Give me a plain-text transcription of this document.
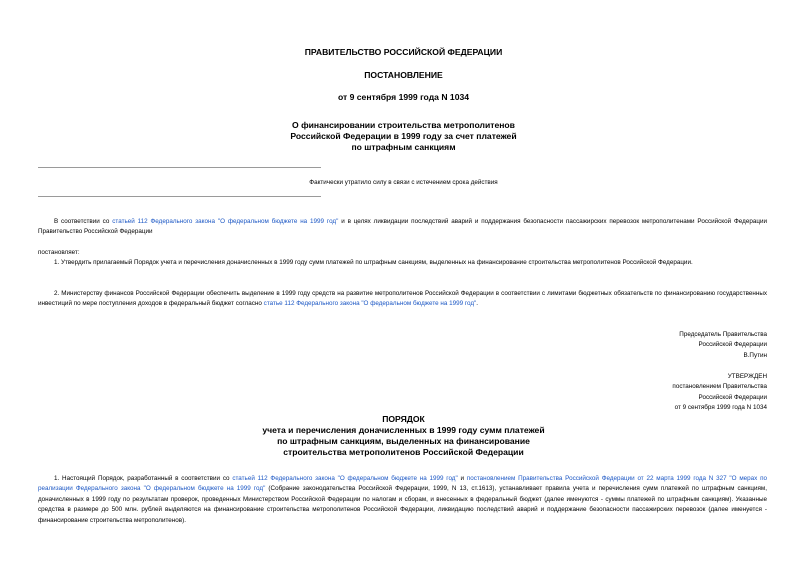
ПРАВИТЕЛЬСТВО РОССИЙСКОЙ ФЕДЕРАЦИИ
ПОСТАНОВЛЕНИЕ
от 9 сентября 1999 года N 1034
О финансировании строительства метрополитенов
Российской Федерации в 1999 году за счет платежей
по штрафным санкциям
Фактически утратило силу в связи с истечением срока действия
В соответствии со статьей 112 Федерального закона "О федеральном бюджете на 1999 год" и в целях ликвидации последствий аварий и поддержания безопасности пассажирских перевозок метрополитенами Российской Федерации Правительство Российской Федерации
постановляет:
1. Утвердить прилагаемый Порядок учета и перечисления доначисленных в 1999 году сумм платежей по штрафным санкциям, выделенных на финансирование строительства метрополитенов Российской Федерации.
2. Министерству финансов Российской Федерации обеспечить выделение в 1999 году средств на развитие метрополитенов Российской Федерации в соответствии с лимитами бюджетных обязательств по финансированию государственных инвестиций по мере поступления доходов в федеральный бюджет согласно статье 112 Федерального закона "О федеральном бюджете на 1999 год".
Председатель Правительства
Российской Федерации
В.Путин
УТВЕРЖДЕН
постановлением Правительства
Российской Федерации
от 9 сентября 1999 года N 1034
ПОРЯДОК
учета и перечисления доначисленных в 1999 году сумм платежей
по штрафным санкциям, выделенных на финансирование
строительства метрополитенов Российской Федерации
1. Настоящий Порядок, разработанный в соответствии со статьей 112 Федерального закона "О федеральном бюджете на 1999 год" и постановлением Правительства Российской Федерации от 22 марта 1999 года N 327 "О мерах по реализации Федерального закона "О федеральном бюджете на 1999 год" (Собрание законодательства Российской Федерации, 1999, N 13, ст.1613), устанавливает правила учета и перечисления сумм платежей по штрафным санкциям, доначисленных в 1999 году по результатам проверок, проведенных Министерством Российской Федерации по налогам и сборам, и внесенных в федеральный бюджет (далее именуются - суммы платежей по штрафным санкциям). Указанные средства в размере до 500 млн. рублей выделяются на финансирование строительства метрополитенов Российской Федерации, ликвидацию последствий аварий и поддержание безопасности пассажирских перевозок (далее именуется - финансирование строительства метрополитенов).
